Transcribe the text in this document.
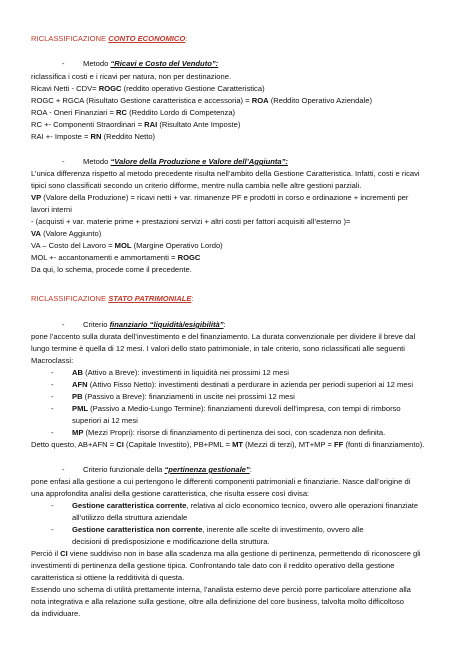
RICLASSIFICAZIONE CONTO ECONOMICO:
- Metodo “Ricavi e Costo del Venduto”:
riclassifica i costi e i ricavi per natura, non per destinazione.
Ricavi Netti - CDV= ROGC (reddito operativo Gestione Caratteristica)
ROGC + RGCA (Risultato Gestione caratteristica e accessoria) = ROA (Reddito Operativo Aziendale)
ROA - Oneri Finanziari = RC (Reddito Lordo di Competenza)
RC +- Componenti Straordinari = RAI (Risultato Ante Imposte)
RAI +- Imposte = RN (Reddito Netto)
- Metodo “Valore della Produzione e Valore dell’Aggiunta”:
L’unica differenza rispetto al metodo precedente risulta nell’ambito della Gestione Caratteristica. Infatti, costi e ricavi
tipici sono classificati secondo un criterio difforme, mentre nulla cambia nelle altre gestioni parziali.
VP (Valore della Produzione) = ricavi netti + var. rimanenze PF e prodotti in corso e ordinazione + incrementi per
lavori interni
- (acquisti + var. materie prime + prestazioni servizi + altri costi per fattori acquisiti all’esterno )=
VA (Valore Aggiunto)
VA – Costo del Lavoro = MOL (Margine Operativo Lordo)
MOL +- accantonamenti e ammortamenti = ROGC
Da qui, lo schema, procede come il precedente.
RICLASSIFICAZIONE STATO PATRIMONIALE:
- Criterio finanziario “liquidità/esigibilità”:
pone l’accento sulla durata dell’investimento e del finanziamento. La durata convenzionale per dividere il breve dal
lungo termine è quella di 12 mesi. I valori dello stato patrimoniale, in tale criterio, sono riclassificati alle seguenti
Macroclassi:
- AB (Attivo a Breve): investimenti in liquidità nei prossimi 12 mesi
- AFN (Attivo Fisso Netto): investimenti destinati a perdurare in azienda per periodi superiori ai 12 mesi
- PB (Passivo a Breve): finanziamenti in uscite nei prossimi 12 mesi
- PML (Passivo a Medio-Lungo Termine): finanziamenti durevoli dell’impresa, con tempi di rimborso
superiori ai 12 mesi
- MP (Mezzi Propri): risorse di finanziamento di pertinenza dei soci, con scadenza non definita.
Detto questo, AB+AFN = CI (Capitale Investito), PB+PML = MT (Mezzi di terzi), MT+MP = FF (fonti di finanziamento).
- Criterio funzionale della “pertinenza gestionale”:
pone enfasi alla gestione a cui pertengono le differenti componenti patrimoniali e finanziarie. Nasce dall’origine di
una approfondita analisi della gestione caratteristica, che risulta essere così divisa:
- Gestione caratteristica corrente, relativa al ciclo economico tecnico, ovvero alle operazioni finanziate
all’utilizzo della struttura aziendale
- Gestione caratteristica non corrente, inerente alle scelte di investimento, ovvero alle
decisioni di predisposizione e modificazione della struttura.
Perciò il CI viene suddiviso non in base alla scadenza ma alla gestione di pertinenza, permettendo di riconoscere gli
investimenti di pertinenza della gestione tipica. Confrontando tale dato con il reddito operativo della gestione
caratteristica si ottiene la redditività di questa.
Essendo uno schema di utilità prettamente interna, l’analista esterno deve perciò porre particolare attenzione alla
nota integrativa e alla relazione sulla gestione, oltre alla definizione del core business, talvolta molto difficoltoso
da individuare.
